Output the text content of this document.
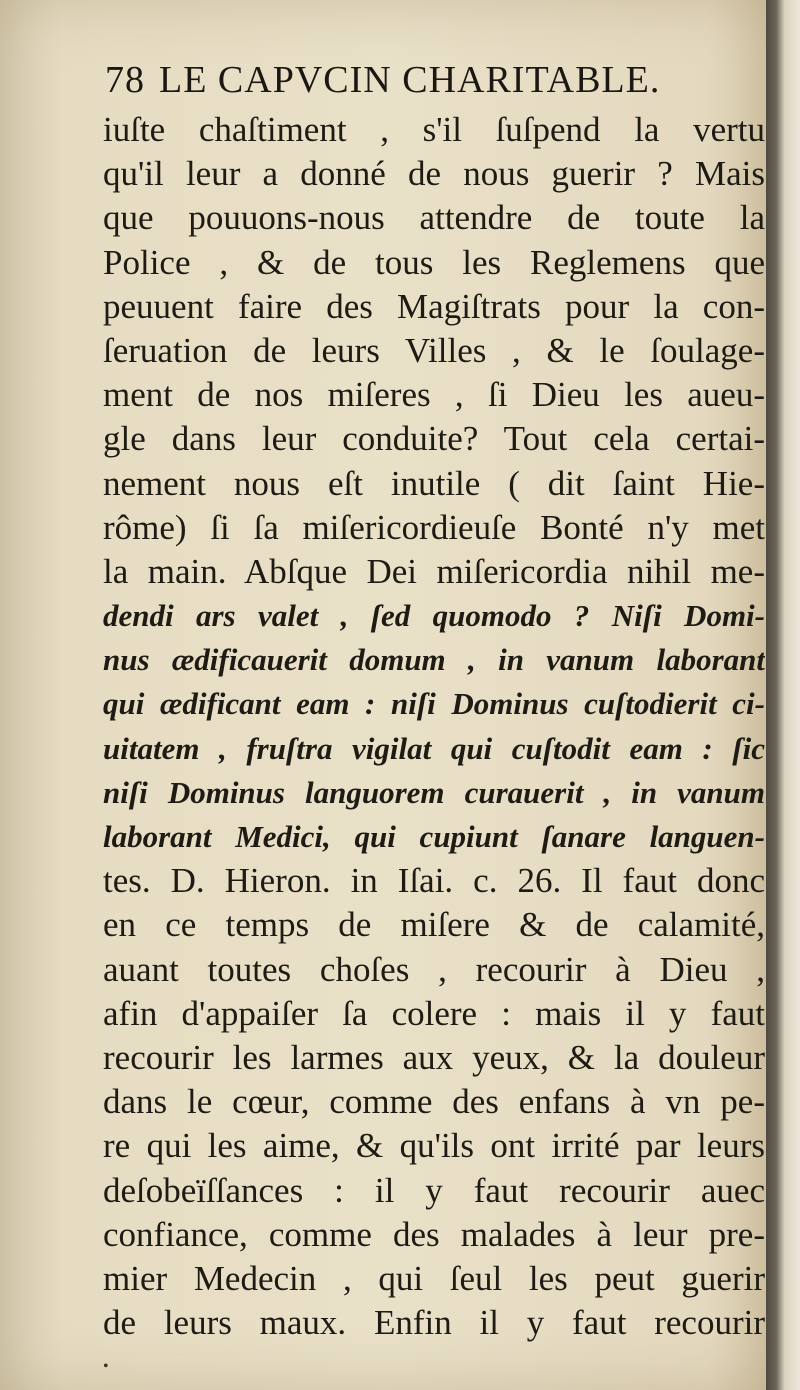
78 LE CAPVCIN CHARITABLE.
iuſte chaſtiment , s'il ſuſpend la vertu
qu'il leur a donné de nous guerir ? Mais
que pouuons-nous attendre de toute la
Police , & de tous les Reglemens que
peuuent faire des Magiſtrats pour la con-
ſeruation de leurs Villes , & le ſoulage-
ment de nos miſeres , ſi Dieu les aueu-
gle dans leur conduite? Tout cela certai-
nement nous eſt inutile ( dit ſaint Hie-
rôme) ſi ſa miſericordieuſe Bonté n'y met
la main. Abſque Dei miſericordia nihil me-
dendi ars valet , ſed quomodo ? Niſi Domi-
nus ædificauerit domum , in vanum laborant
qui ædificant eam : niſi Dominus cuſtodierit ci-
uitatem , fruſtra vigilat qui cuſtodit eam : ſic
niſi Dominus languorem curauerit , in vanum
laborant Medici, qui cupiunt ſanare languen-
tes. D. Hieron. in Iſai. c. 26. Il faut donc
en ce temps de miſere & de calamité,
auant toutes choſes , recourir à Dieu ,
afin d'appaiſer ſa colere : mais il y faut
recourir les larmes aux yeux, & la douleur
dans le cœur, comme des enfans à vn pe-
re qui les aime, & qu'ils ont irrité par leurs
deſobeïſſances : il y faut recourir auec
confiance, comme des malades à leur pre-
mier Medecin , qui ſeul les peut guerir
de leurs maux. Enfin il y faut recourir
•
